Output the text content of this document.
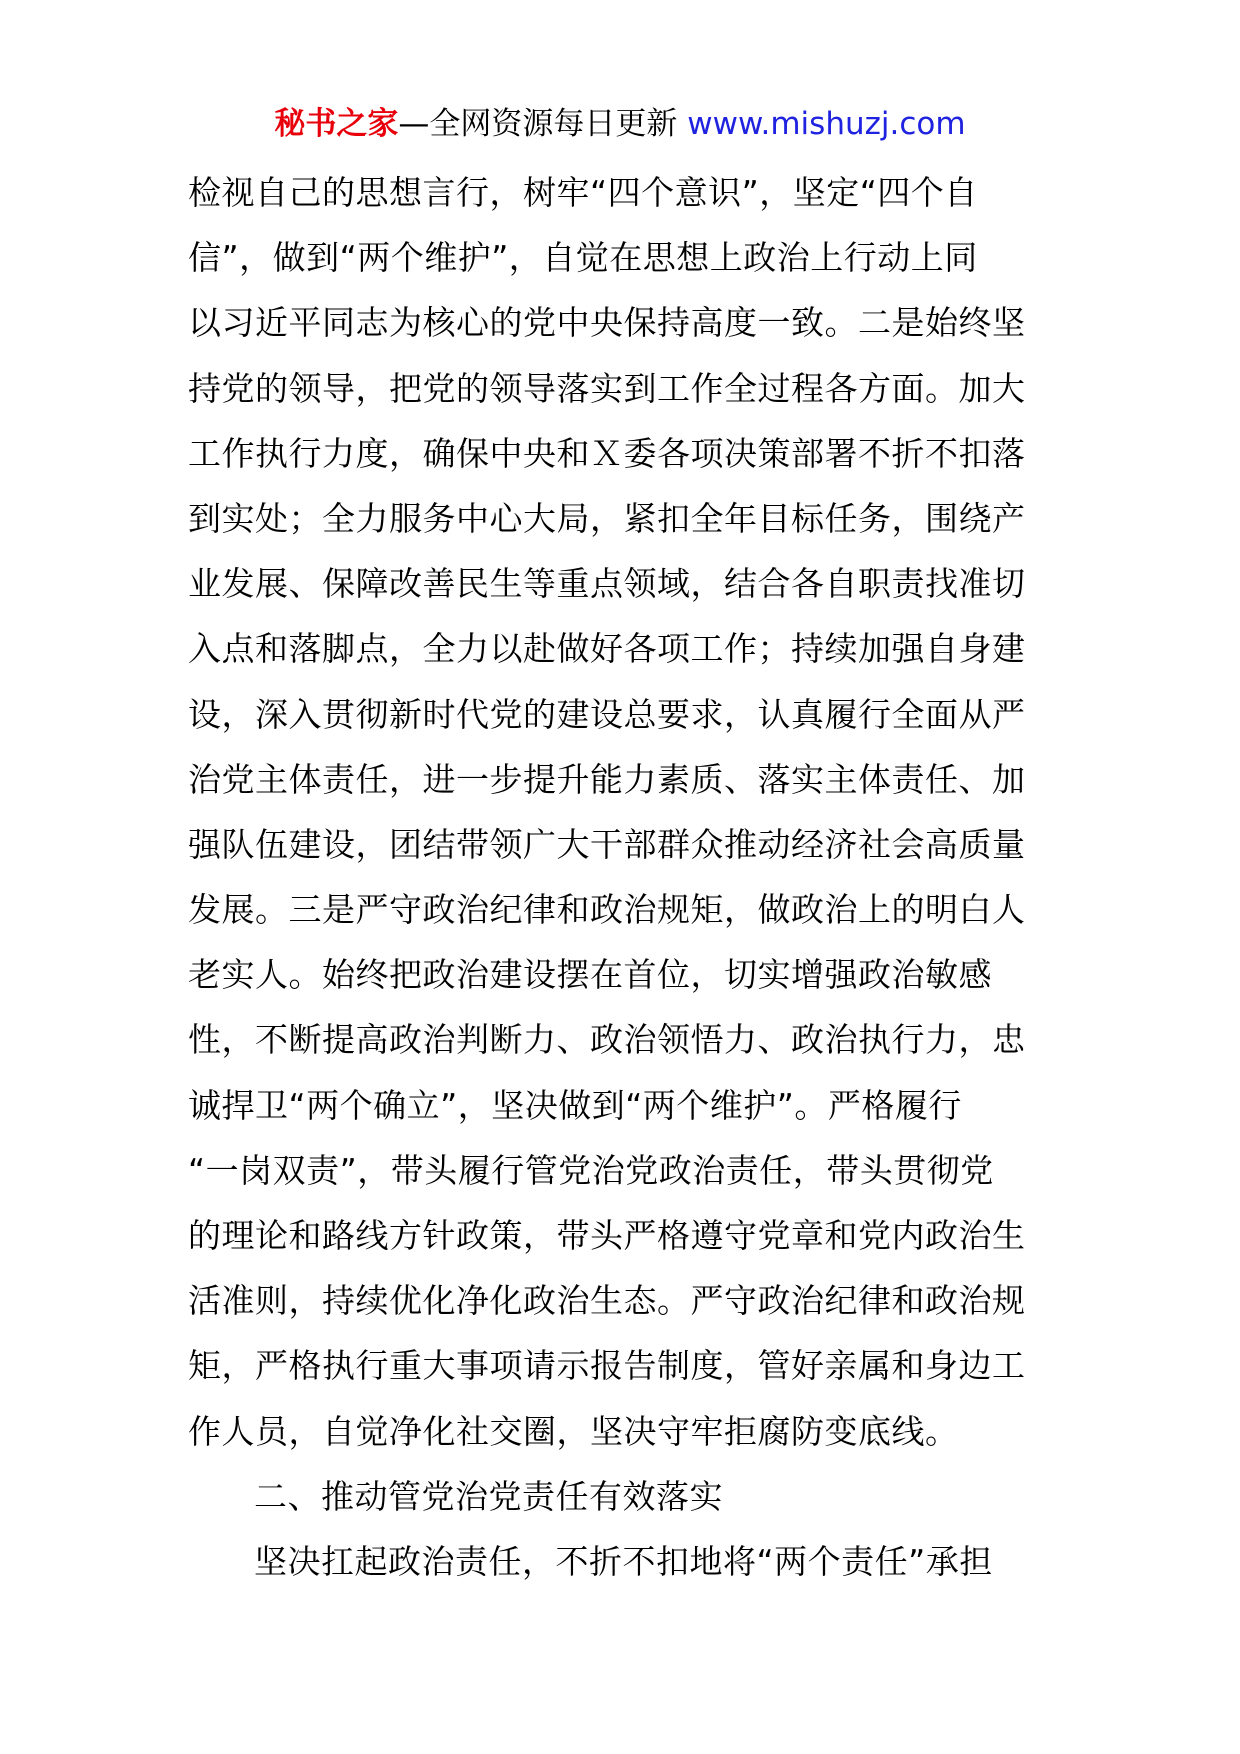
秘书之家—全网资源每日更新 www.mishuzj.com
检视自己的思想言行，树牢“四个意识”，坚定“四个自
信”，做到“两个维护”，自觉在思想上政治上行动上同
以习近平同志为核心的党中央保持高度一致。二是始终坚
持党的领导，把党的领导落实到工作全过程各方面。加大
工作执行力度，确保中央和Ｘ委各项决策部署不折不扣落
到实处；全力服务中心大局，紧扣全年目标任务，围绕产
业发展、保障改善民生等重点领域，结合各自职责找准切
入点和落脚点，全力以赴做好各项工作；持续加强自身建
设，深入贯彻新时代党的建设总要求，认真履行全面从严
治党主体责任，进一步提升能力素质、落实主体责任、加
强队伍建设，团结带领广大干部群众推动经济社会高质量
发展。三是严守政治纪律和政治规矩，做政治上的明白人
老实人。始终把政治建设摆在首位，切实增强政治敏感
性，不断提高政治判断力、政治领悟力、政治执行力，忠
诚捍卫“两个确立”，坚决做到“两个维护”。严格履行
“一岗双责”，带头履行管党治党政治责任，带头贯彻党
的理论和路线方针政策，带头严格遵守党章和党内政治生
活准则，持续优化净化政治生态。严守政治纪律和政治规
矩，严格执行重大事项请示报告制度，管好亲属和身边工
作人员，自觉净化社交圈，坚决守牢拒腐防变底线。
二、推动管党治党责任有效落实
坚决扛起政治责任，不折不扣地将“两个责任”承担
